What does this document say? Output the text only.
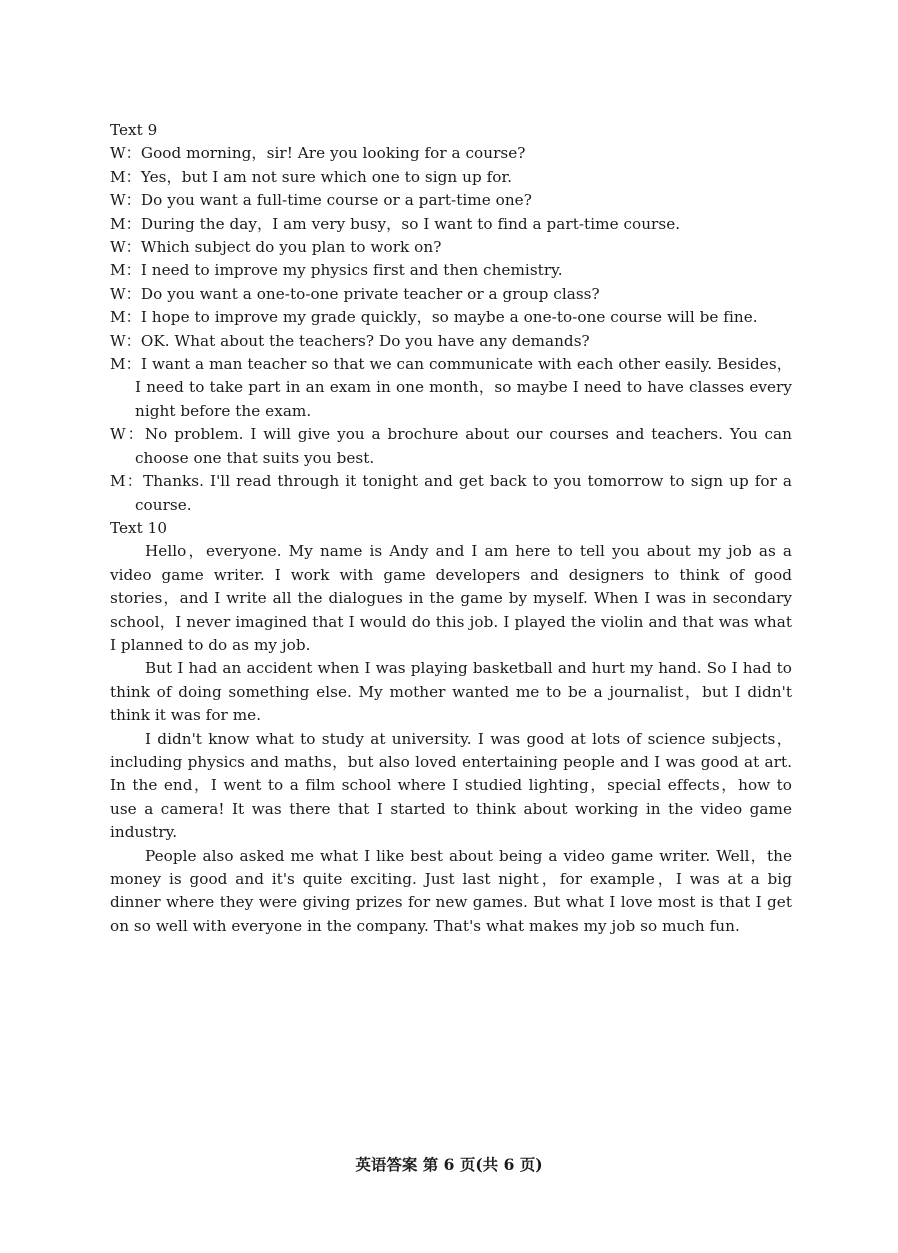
Text 9
W：Good morning，sir! Are you looking for a course?
M：Yes，but I am not sure which one to sign up for.
W：Do you want a full-time course or a part-time one?
M：During the day，I am very busy，so I want to find a part-time course.
W：Which subject do you plan to work on?
M：I need to improve my physics first and then chemistry.
W：Do you want a one-to-one private teacher or a group class?
M：I hope to improve my grade quickly，so maybe a one-to-one course will be fine.
W：OK. What about the teachers? Do you have any demands?
M：I want a man teacher so that we can communicate with each other easily. Besides，I need to take part in an exam in one month，so maybe I need to have classes every night before the exam.
W：No problem. I will give you a brochure about our courses and teachers. You can choose one that suits you best.
M：Thanks. I'll read through it tonight and get back to you tomorrow to sign up for a course.
Text 10
Hello，everyone. My name is Andy and I am here to tell you about my job as a video game writer. I work with game developers and designers to think of good stories，and I write all the dialogues in the game by myself. When I was in secondary school，I never imagined that I would do this job. I played the violin and that was what I planned to do as my job.
But I had an accident when I was playing basketball and hurt my hand. So I had to think of doing something else. My mother wanted me to be a journalist，but I didn't think it was for me.
I didn't know what to study at university. I was good at lots of science subjects，including physics and maths，but also loved entertaining people and I was good at art. In the end，I went to a film school where I studied lighting，special effects，how to use a camera! It was there that I started to think about working in the video game industry.
People also asked me what I like best about being a video game writer. Well，the money is good and it's quite exciting. Just last night，for example，I was at a big dinner where they were giving prizes for new games. But what I love most is that I get on so well with everyone in the company. That's what makes my job so much fun.
英语答案 第 6 页(共 6 页)
